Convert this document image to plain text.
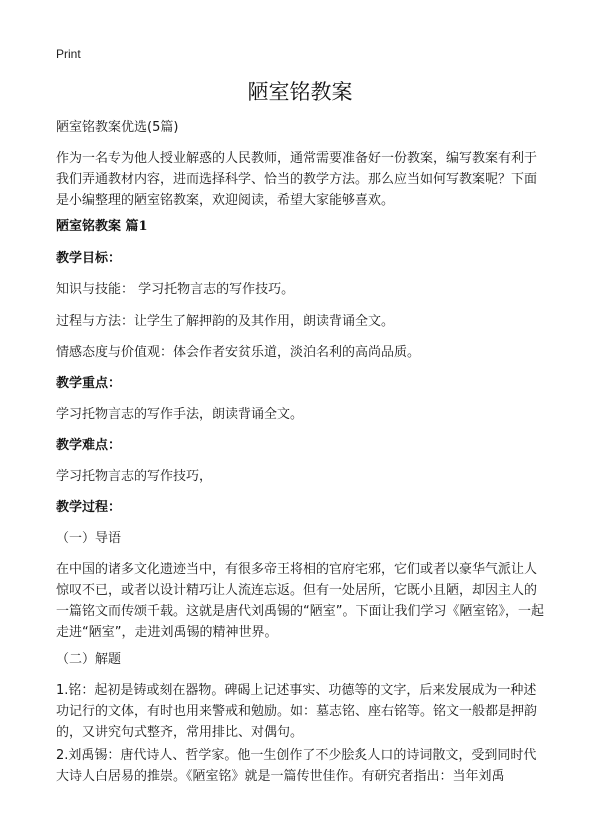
Print
陋室铭教案

陋室铭教案优选(5篇)

作为一名专为他人授业解惑的人民教师，通常需要准备好一份教案，编写教案有利于我们弄通教材内容，进而选择科学、恰当的教学方法。那么应当如何写教案呢？下面是小编整理的陋室铭教案，欢迎阅读，希望大家能够喜欢。

陋室铭教案 篇1

教学目标：

知识与技能： 学习托物言志的写作技巧。

过程与方法：让学生了解押韵的及其作用，朗读背诵全文。

情感态度与价值观：体会作者安贫乐道，淡泊名利的高尚品质。

教学重点：

学习托物言志的写作手法，朗读背诵全文。

教学难点：

学习托物言志的写作技巧，

教学过程：

（一）导语

在中国的诸多文化遗迹当中，有很多帝王将相的官府宅邪，它们或者以豪华气派让人惊叹不已，或者以设计精巧让人流连忘返。但有一处居所，它既小且陋，却因主人的一篇铭文而传颂千载。这就是唐代刘禹锡的“陋室”。下面让我们学习《陋室铭》，一起走进“陋室”，走进刘禹锡的精神世界。

（二）解题

1.铭：起初是铸或刻在器物。碑碣上记述事实、功德等的文字，后来发展成为一种述功记行的文体，有时也用来警戒和勉励。如：墓志铭、座右铭等。铭文一般都是押韵的，又讲究句式整齐，常用排比、对偶句。

2.刘禹锡：唐代诗人、哲学家。他一生创作了不少脍炙人口的诗词散文，受到同时代大诗人白居易的推崇。《陋室铭》就是一篇传世佳作。有研究者指出：当年刘禹
